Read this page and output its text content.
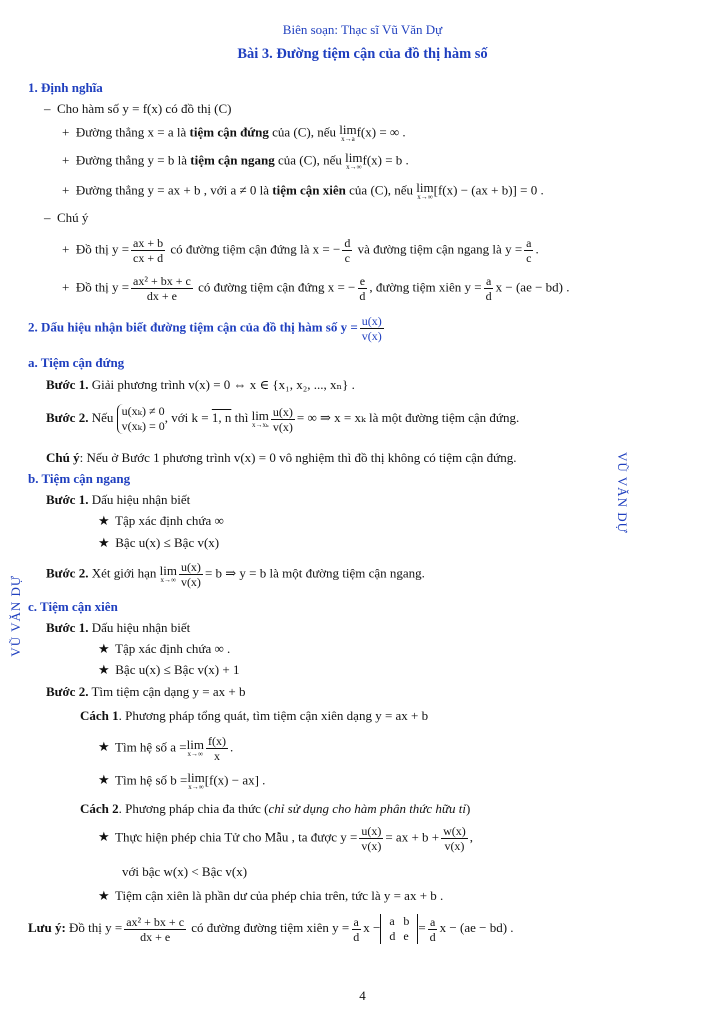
Biên soạn: Thạc sĩ Vũ Văn Dự
Bài 3. Đường tiệm cận của đồ thị hàm số
VŨ VĂN DỰ
VŨ VĂN DỰ
1. Định nghĩa
–  Cho hàm số y = f(x) có đồ thị (C)
+  Đường thẳng x = a là tiệm cận đứng của (C), nếu lim
x→a f(x) = ∞ .
+  Đường thẳng y = b là tiệm cận ngang của (C), nếu lim
x→∞ f(x) = b .
+  Đường thẳng y = ax + b , với a ≠ 0 là tiệm cận xiên của (C), nếu lim
x→∞ [f(x) − (ax + b)] = 0 .
–  Chú ý
+  Đồ thị $y = \frac{ax + b}{cx + d}$ có đường tiệm cận đứng là x = − $\frac{d}{c}$ và đường tiệm cận ngang là $y = \frac{a}{c}$ .
+  Đồ thị $y = \frac{\text{ax² + bx + c}}{dx + e}$ có đường tiệm cận đứng x = − $\frac{e}{d}$ , đường tiệm xiên $y = \frac{a}{d}$ x − (ae − bd) .
2. Dấu hiệu nhận biết đường tiệm cận của đồ thị hàm số $y = \frac{u(x)}{v(x)}$
a. Tiệm cận đứng
Bước 1. Giải phương trình v(x) = 0 ⇔ x ∈ {x₁, x₂, ..., xₙ} .
Bước 2. Nếu u(xₖ) ≠ 0
v(xₖ) = 0
, với k = 1, n thì lim
$x\to x_k \frac{u(x)}{v(x)}$ = ∞ ⇒ x = xₖ là một đường tiệm cận đứng.
Chú ý: Nếu ở Bước 1 phương trình v(x) = 0 vô nghiệm thì đồ thị không có tiệm cận đứng.
b. Tiệm cận ngang
Bước 1. Dấu hiệu nhận biết
★ Tập xác định chứa ∞
★ Bậc u(x) ≤ Bậc v(x)
Bước 2. Xét giới hạn lim
$x\to\infty \frac{u(x)}{v(x)} = b$ ⇒ y = b là một đường tiệm cận ngang.
c. Tiệm cận xiên
Bước 1. Dấu hiệu nhận biết
★ Tập xác định chứa ∞ .
★ Bậc u(x) ≤ Bậc v(x) + 1
Bước 2. Tìm tiệm cận dạng y = ax + b
Cách 1. Phương pháp tổng quát, tìm tiệm cận xiên dạng y = ax + b
★ Tìm hệ số a = lim
$x\to\infty \frac{f(x)}{x}$ .
★ Tìm hệ số b = lim
x→∞ [f(x) − ax] .
Cách 2. Phương pháp chia đa thức (chỉ sử dụng cho hàm phân thức hữu tỉ)
★ Thực hiện phép chia Tử cho Mẫu , ta được $y = \frac{u(x)}{v(x)}$ = ax + $b + \frac{w(x)}{v(x)}$ ,
với bậc w(x) < Bậc v(x)
★ Tiệm cận xiên là phần dư của phép chia trên, tức là y = ax + b .
Lưu ý: Đồ thị $y = \frac{\text{ax² + bx + c}}{dx + e}$ có đường đường tiệm xiên $y = \frac{a}{d}$ x − a
d
b
e
= $\frac{a}{d}$ x − (ae − bd) .
4
